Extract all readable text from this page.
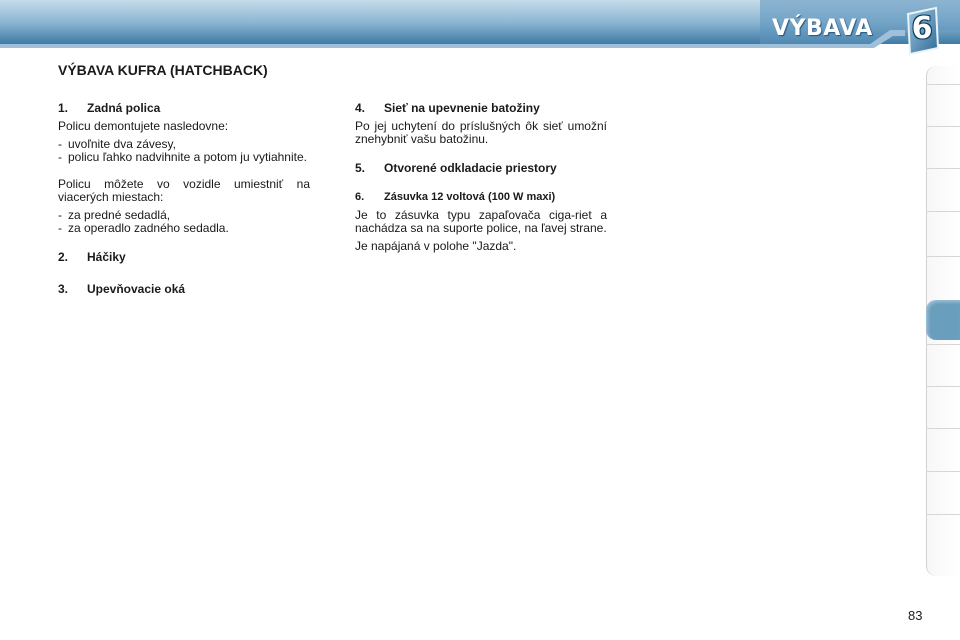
VÝBAVA 6
VÝBAVA KUFRA (HATCHBACK)
1.	Zadná polica
Policu demontujete nasledovne:
- uvoľnite dva závesy,
- policu ľahko nadvihnite a potom ju vytiahnite.
Policu môžete vo vozidle umiestniť na viacerých miestach:
- za predné sedadlá,
- za operadlo zadného sedadla.
2.	Háčiky
3.	Upevňovacie oká
4.	Sieť na upevnenie batožiny
Po jej uchytení do príslušných ôk sieť umožní znehybniť vašu batožinu.
5.	Otvorené odkladacie priestory
6.	Zásuvka 12 voltová (100 W maxi)
Je to zásuvka typu zapaľovača ciga-riet a nachádza sa na suporte police, na ľavej strane.
Je napájaná v polohe "Jazda".
83
